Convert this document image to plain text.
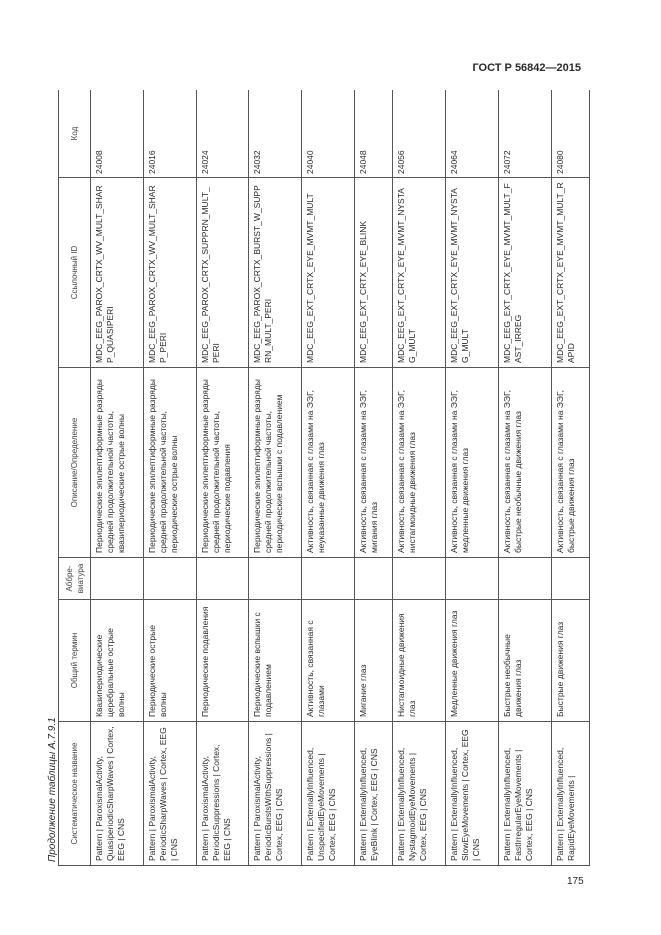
ГОСТ Р 56842—2015
Продолжение таблицы А.7.9.1 Систематическое название	Общий термин	Аббре-виатура	Описание/Определение	Ссылочный ID	Код
Pattern | ParoxismalActivity, QuasiperiodicSharpWaves | Cortex, EEG | CNS	Квазипериодические церебральные острые волны		Периодические эпилептиформные разряды средней продолжительной частоты, квазипериодические острые волны	MDC_EEG_PAROX_CRTX_WV_MULT_SHARP_QUASIPERI	24008
Pattern | ParoxismalActivity, PeriodicSharpWaves | Cortex, EEG | CNS	Периодические острые волны		Периодические эпилептиформные разряды средней продолжительной частоты, периодические острые волны	MDC_EEG_PAROX_CRTX_WV_MULT_SHARP_PERI	24016
Pattern | ParoxismalActivity, PeriodicSuppressions | Cortex, EEG | CNS	Периодические подавления		Периодические эпилептиформные разряды средней продолжительной частоты, периодические подавления	MDC_EEG_PAROX_CRTX_SUPPRN_MULT_PERI	24024
Pattern | ParoxismalActivity, PeriodicBurstsWithSuppressions | Cortex, EEG | CNS	Периодические вспышки с подавлением		Периодические эпилептиформные разряды средней продолжительной частоты, периодические вспышки с подавлением	MDC_EEG_PAROX_CRTX_BURST_W_SUPPRN_MULT_PERI	24032
Pattern | ExternallyInfluenced, UnspecifiedEyeMovements | Cortex, EEG | CNS	Активность, связанная с глазами		Активность, связанная с глазами на ЭЭГ, неуказанные движения глаз	MDC_EEG_EXT_CRTX_EYE_MVMT_MULT	24040
Pattern | ExternallyInfluenced, EyeBlink | Cortex, EEG | CNS	Мигание глаз		Активность, связанная с глазами на ЭЭГ, мигания глаз	MDC_EEG_EXT_CRTX_EYE_BLINK	24048
Pattern | ExternallyInfluenced, NystagmoidEyeMovements | Cortex, EEG | CNS	Нистагмоидные движения глаз		Активность, связанная с глазами на ЭЭГ, нистагмоидные движения глаз	MDC_EEG_EXT_CRTX_EYE_MVMT_NYSTAG_MULT	24056
Pattern | ExternallyInfluenced, SlowEyeMovements | Cortex, EEG | CNS	Медленные движения глаз		Активность, связанная с глазами на ЭЭГ, медленные движения глаз	MDC_EEG_EXT_CRTX_EYE_MVMT_NYSTAG_MULT	24064
Pattern | ExternallyInfluenced, FastIrregularEyeMovements | Cortex, EEG | CNS	Быстрые необычные движения глаз		Активность, связанная с глазами на ЭЭГ, быстрые необычные движения глаз	MDC_EEG_EXT_CRTX_EYE_MVMT_MULT_FAST_IRREG	24072
Pattern | ExternallyInfluenced, RapidEyeMovements |	Быстрые движения глаз		Активность, связанная с глазами на ЭЭГ, быстрые движения глаз	MDC_EEG_EXT_CRTX_EYE_MVMT_MULT_RAPID	24080
175
